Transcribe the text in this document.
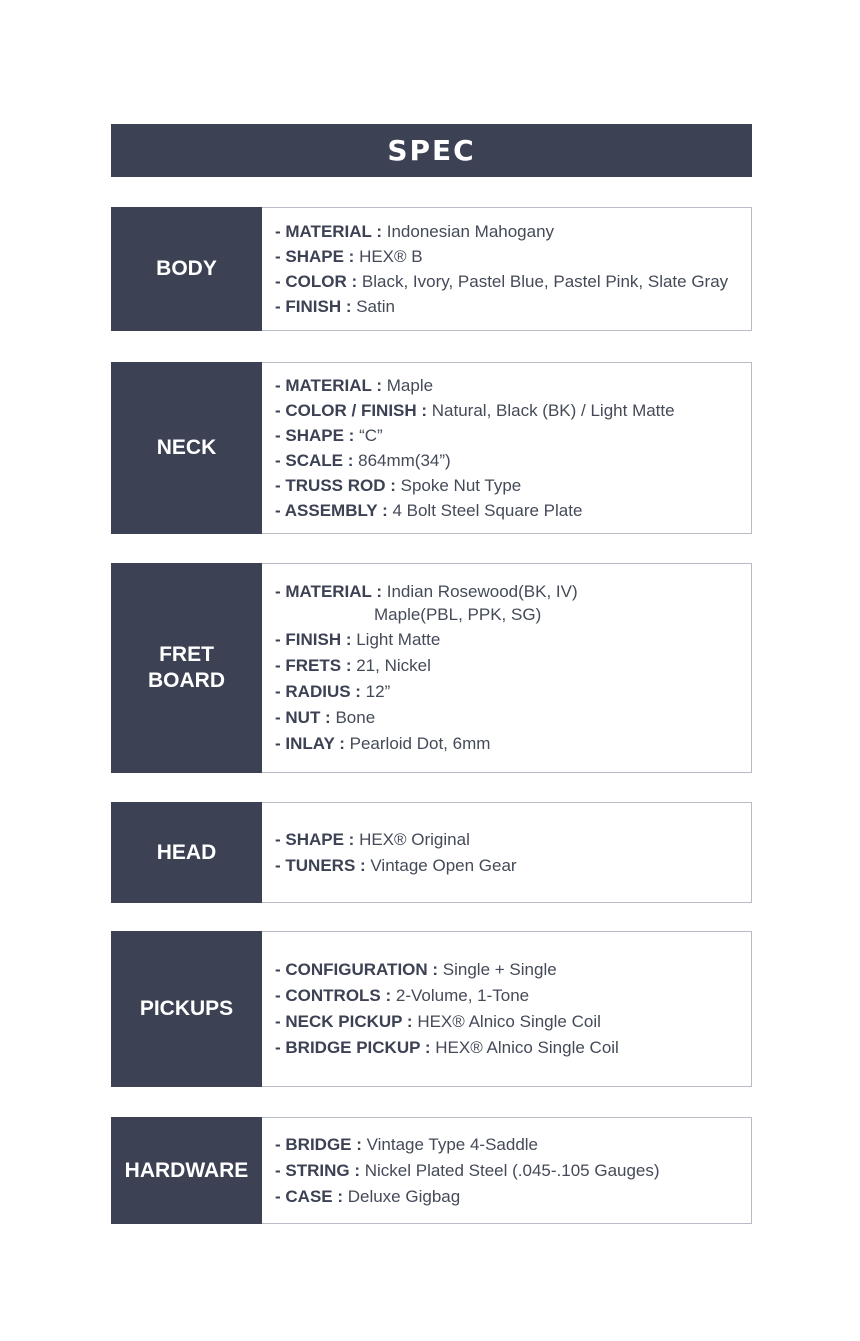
SPEC
BODY
- MATERIAL : Indonesian Mahogany
- SHAPE : HEX® B
- COLOR : Black, Ivory, Pastel Blue, Pastel Pink, Slate Gray
- FINISH : Satin
NECK
- MATERIAL : Maple
- COLOR / FINISH : Natural, Black (BK) / Light Matte
- SHAPE : “C”
- SCALE : 864mm(34”)
- TRUSS ROD : Spoke Nut Type
- ASSEMBLY : 4 Bolt Steel Square Plate
FRET
BOARD
- MATERIAL : Indian Rosewood(BK, IV)
Maple(PBL, PPK, SG)
- FINISH : Light Matte
- FRETS : 21, Nickel
- RADIUS : 12”
- NUT : Bone
- INLAY : Pearloid Dot, 6mm
HEAD
- SHAPE : HEX® Original
- TUNERS : Vintage Open Gear
PICKUPS
- CONFIGURATION : Single + Single
- CONTROLS : 2-Volume, 1-Tone
- NECK PICKUP : HEX® Alnico Single Coil
- BRIDGE PICKUP : HEX® Alnico Single Coil
HARDWARE
- BRIDGE : Vintage Type 4-Saddle
- STRING : Nickel Plated Steel (.045-.105 Gauges)
- CASE : Deluxe Gigbag
